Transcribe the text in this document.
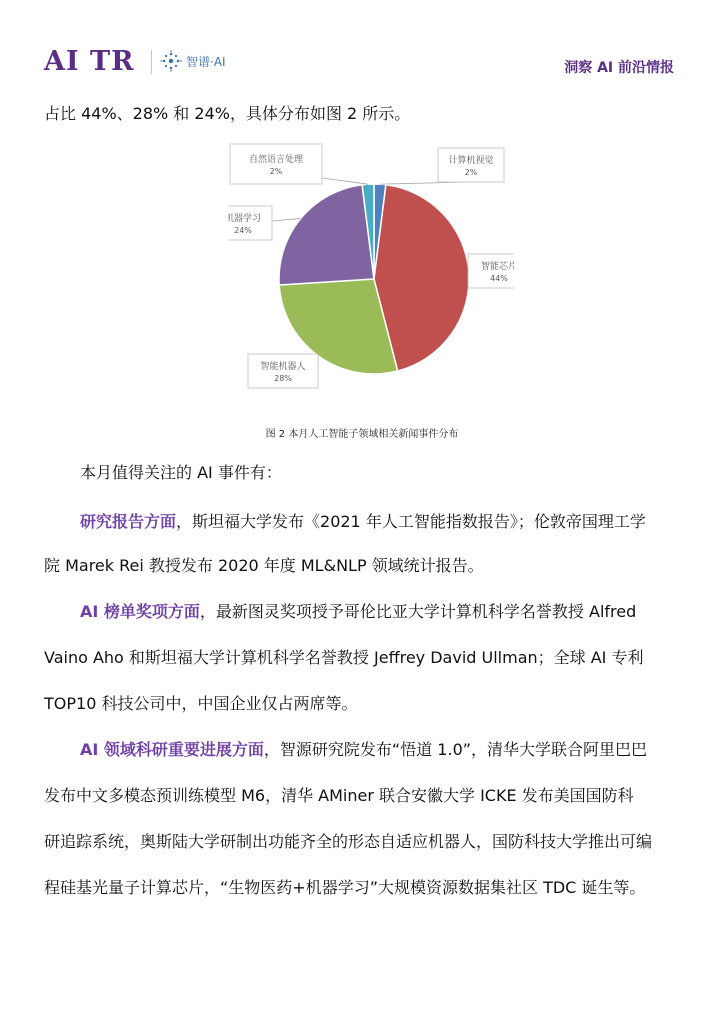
AI TR	智谱·AI	洞察 AI 前沿情报
占比 44%、28% 和 24%，具体分布如图 2 所示。
计算机视觉
2%
智能芯片
44%
智能机器人
28%
机器学习
24%
自然语言处理
2%
图 2 本月人工智能子领域相关新闻事件分布
本月值得关注的 AI 事件有：
研究报告方面，斯坦福大学发布《2021 年人工智能指数报告》；伦敦帝国理工学
院 Marek Rei 教授发布 2020 年度 ML&NLP 领域统计报告。
AI 榜单奖项方面，最新图灵奖项授予哥伦比亚大学计算机科学名誉教授 Alfred
Vaino Aho 和斯坦福大学计算机科学名誉教授 Jeffrey David Ullman；全球 AI 专利
TOP10 科技公司中，中国企业仅占两席等。
AI 领域科研重要进展方面，智源研究院发布“悟道 1.0”，清华大学联合阿里巴巴
发布中文多模态预训练模型 M6，清华 AMiner 联合安徽大学 ICKE 发布美国国防科
研追踪系统，奥斯陆大学研制出功能齐全的形态自适应机器人，国防科技大学推出可编
程硅基光量子计算芯片，“生物医药+机器学习”大规模资源数据集社区 TDC 诞生等。
